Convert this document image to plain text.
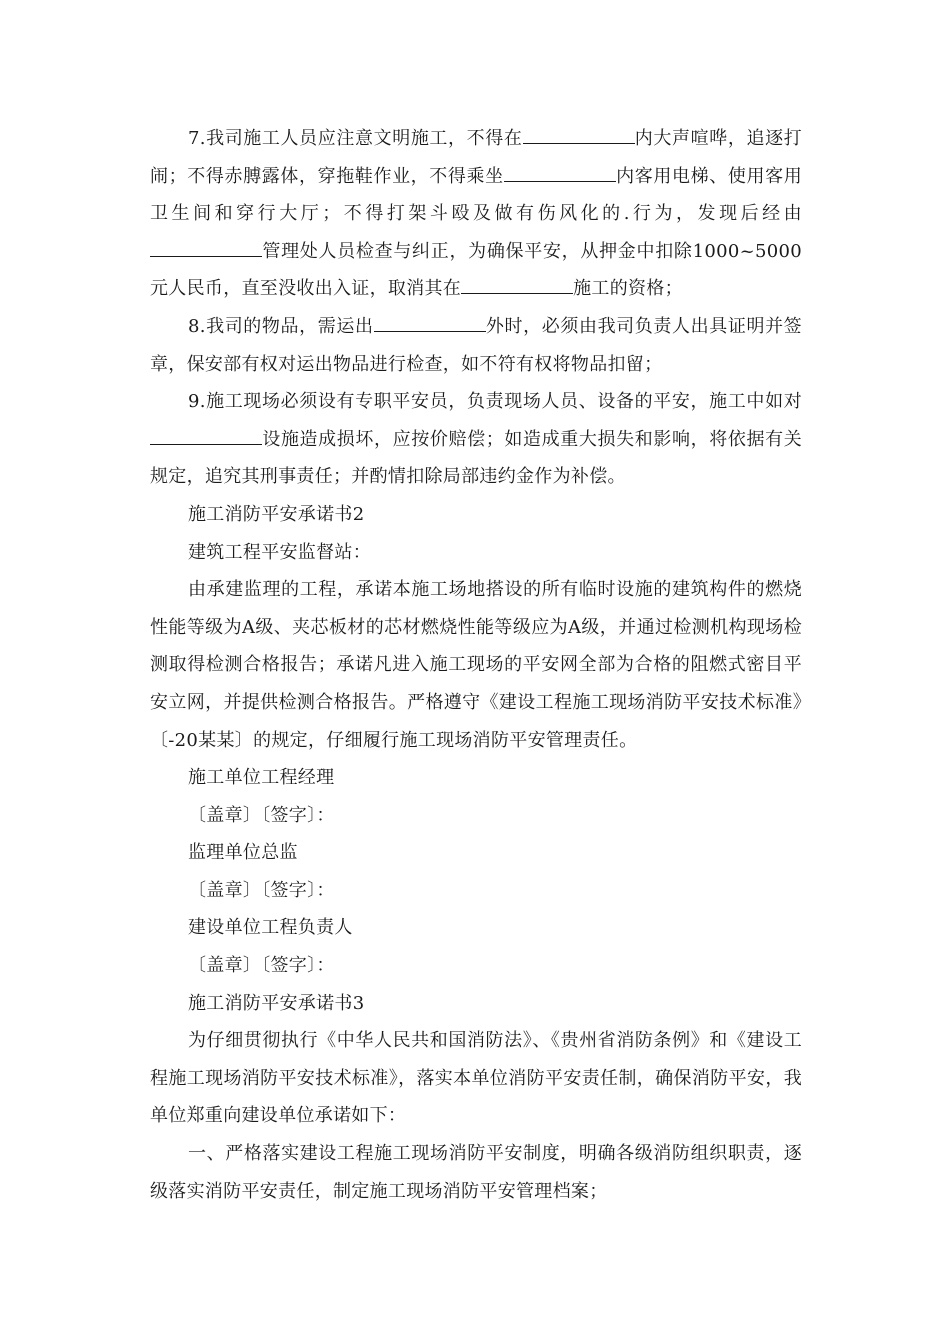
7.我司施工人员应注意文明施工，不得在	内大声喧哗，追逐打闹；不得赤膊露体，穿拖鞋作业，不得乘坐	内客用电梯、使用客用卫生间和穿行大厅；不得打架斗殴及做有伤风化的.行为，发现后经由管理处人员检查与纠正，为确保平安，从押金中扣除1000~5000元人民币，直至没收出入证，取消其在	施工的资格；

8.我司的物品，需运出	外时，必须由我司负责人出具证明并签章，保安部有权对运出物品进行检查，如不符有权将物品扣留；

9.施工现场必须设有专职平安员，负责现场人员、设备的平安，施工中如对设施造成损坏，应按价赔偿；如造成重大损失和影响，将依据有关规定，追究其刑事责任；并酌情扣除局部违约金作为补偿。

施工消防平安承诺书2

建筑工程平安监督站：

由承建监理的工程，承诺本施工场地搭设的所有临时设施的建筑构件的燃烧性能等级为A级、夹芯板材的芯材燃烧性能等级应为A级，并通过检测机构现场检测取得检测合格报告；承诺凡进入施工现场的平安网全部为合格的阻燃式密目平安立网，并提供检测合格报告。严格遵守《建设工程施工现场消防平安技术标准》〔-20某某〕的规定，仔细履行施工现场消防平安管理责任。

施工单位工程经理

〔盖章〕〔签字〕：

监理单位总监

〔盖章〕〔签字〕：

建设单位工程负责人

〔盖章〕〔签字〕：

施工消防平安承诺书3

为仔细贯彻执行《中华人民共和国消防法》、《贵州省消防条例》和《建设工程施工现场消防平安技术标准》，落实本单位消防平安责任制，确保消防平安，我单位郑重向建设单位承诺如下：

一、严格落实建设工程施工现场消防平安制度，明确各级消防组织职责，逐级落实消防平安责任，制定施工现场消防平安管理档案；
